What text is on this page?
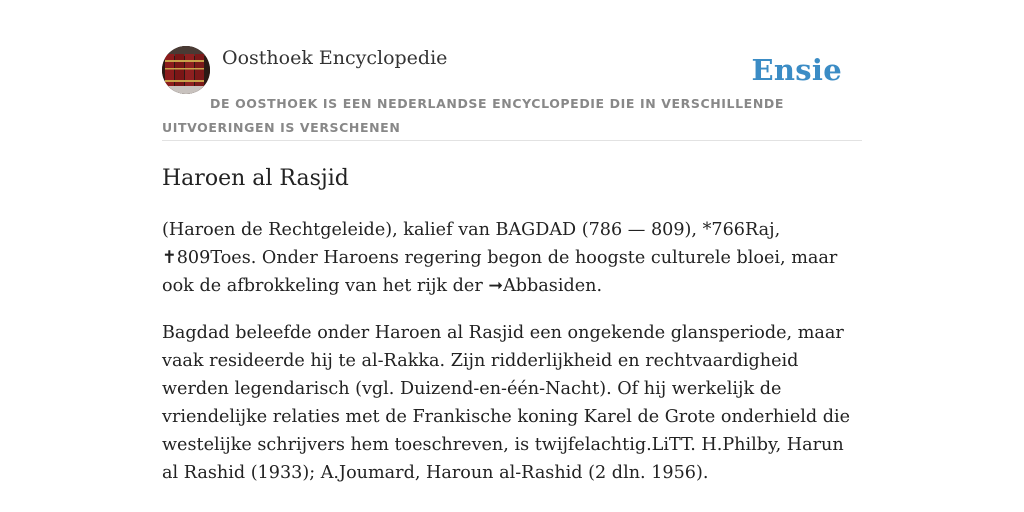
Oosthoek Encyclopedie	Ensie
DE OOSTHOEK IS EEN NEDERLANDSE ENCYCLOPEDIE DIE IN VERSCHILLENDE UITVOERINGEN IS VERSCHENEN
Haroen al Rasjid

(Haroen de Rechtgeleide), kalief van BAGDAD (786 — 809), *766Raj, ✝809Toes. Onder Haroens regering begon de hoogste culturele bloei, maar ook de afbrokkeling van het rijk der ➞Abbasiden.

Bagdad beleefde onder Haroen al Rasjid een ongekende glansperiode, maar vaak resideerde hij te al-Rakka. Zijn ridderlijkheid en rechtvaardigheid werden legendarisch (vgl. Duizend-en-één-Nacht). Of hij werkelijk de vriendelijke relaties met de Frankische koning Karel de Grote onderhield die westelijke schrijvers hem toeschreven, is twijfelachtig.LiTT. H.Philby, Harun al Rashid (1933); A.Joumard, Haroun al-Rashid (2 dln. 1956).
